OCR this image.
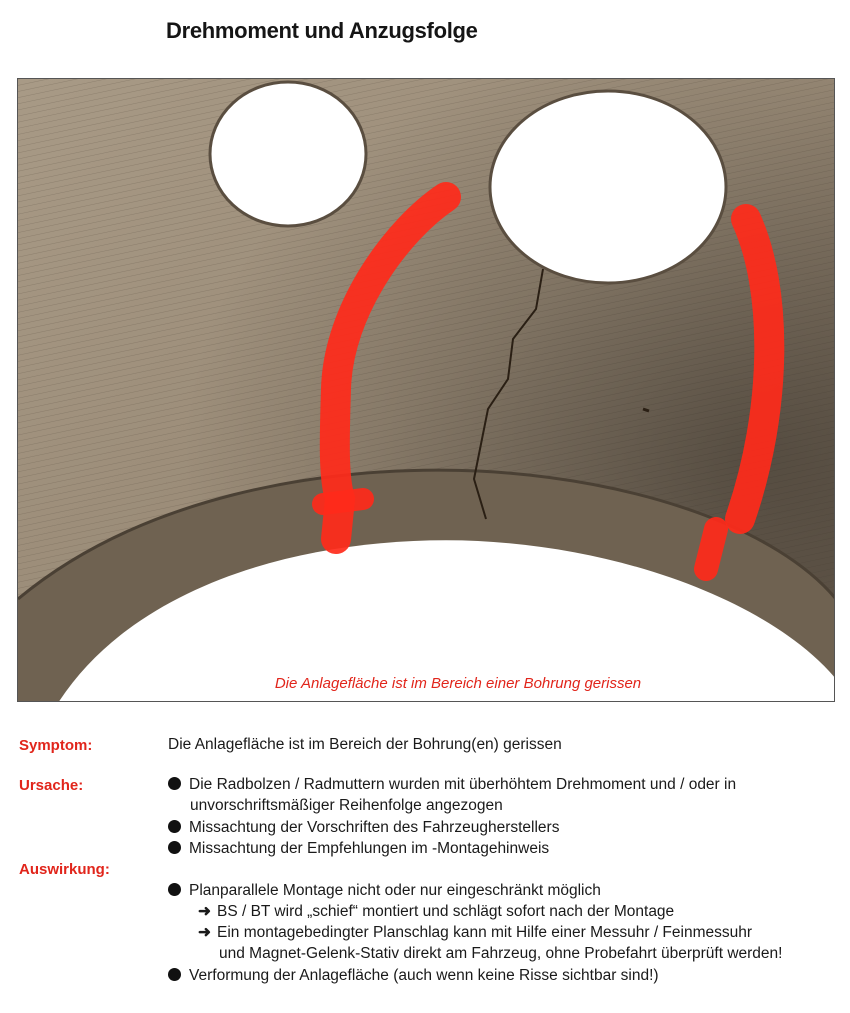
Drehmoment und Anzugsfolge
Die Anlagefläche ist im Bereich einer Bohrung gerissen
Symptom:	Die Anlagefläche ist im Bereich der Bohrung(en) gerissen
Ursache:	Die Radbolzen / Radmuttern wurden mit überhöhtem Drehmoment und / oder in
unvorschriftsmäßiger Reihenfolge angezogen
Missachtung der Vorschriften des Fahrzeugherstellers
Missachtung der Empfehlungen im -Montagehinweis
Auswirkung:
Planparallele Montage nicht oder nur eingeschränkt möglich
➜ BS / BT wird „schief“ montiert und schlägt sofort nach der Montage
➜ Ein montagebedingter Planschlag kann mit Hilfe einer Messuhr / Feinmessuhr
und Magnet-Gelenk-Stativ direkt am Fahrzeug, ohne Probefahrt überprüft werden!
Verformung der Anlagefläche (auch wenn keine Risse sichtbar sind!)
